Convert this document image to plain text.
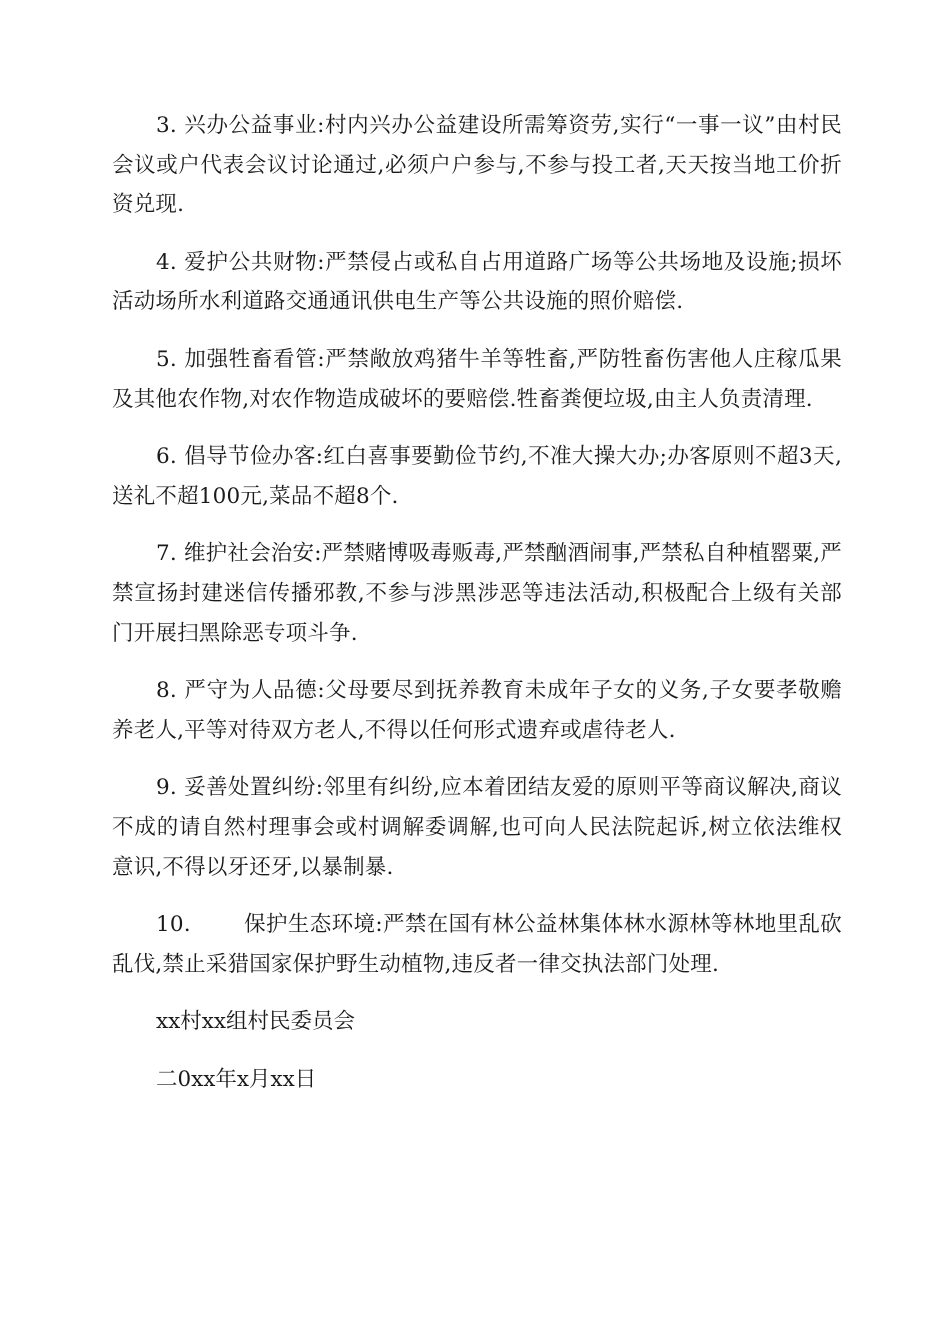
3. 兴办公益事业:村内兴办公益建设所需筹资劳,实行“一事一议”由村民会议或户代表会议讨论通过,必须户户参与,不参与投工者,天天按当地工价折资兑现.

4. 爱护公共财物:严禁侵占或私自占用道路广场等公共场地及设施;损坏活动场所水利道路交通通讯供电生产等公共设施的照价赔偿.

5. 加强牲畜看管:严禁敞放鸡猪牛羊等牲畜,严防牲畜伤害他人庄稼瓜果及其他农作物,对农作物造成破坏的要赔偿.牲畜粪便垃圾,由主人负责清理.

6. 倡导节俭办客:红白喜事要勤俭节约,不准大操大办;办客原则不超3天,送礼不超100元,菜品不超8个.

7. 维护社会治安:严禁赌博吸毒贩毒,严禁酗酒闹事,严禁私自种植罂粟,严禁宣扬封建迷信传播邪教,不参与涉黑涉恶等违法活动,积极配合上级有关部门开展扫黑除恶专项斗争.

8. 严守为人品德:父母要尽到抚养教育未成年子女的义务,子女要孝敬赡养老人,平等对待双方老人,不得以任何形式遗弃或虐待老人.

9. 妥善处置纠纷:邻里有纠纷,应本着团结友爱的原则平等商议解决,商议不成的请自然村理事会或村调解委调解,也可向人民法院起诉,树立依法维权意识,不得以牙还牙,以暴制暴.

10. 保护生态环境:严禁在国有林公益林集体林水源林等林地里乱砍乱伐,禁止采猎国家保护野生动植物,违反者一律交执法部门处理.

xx村xx组村民委员会

二0xx年x月xx日
